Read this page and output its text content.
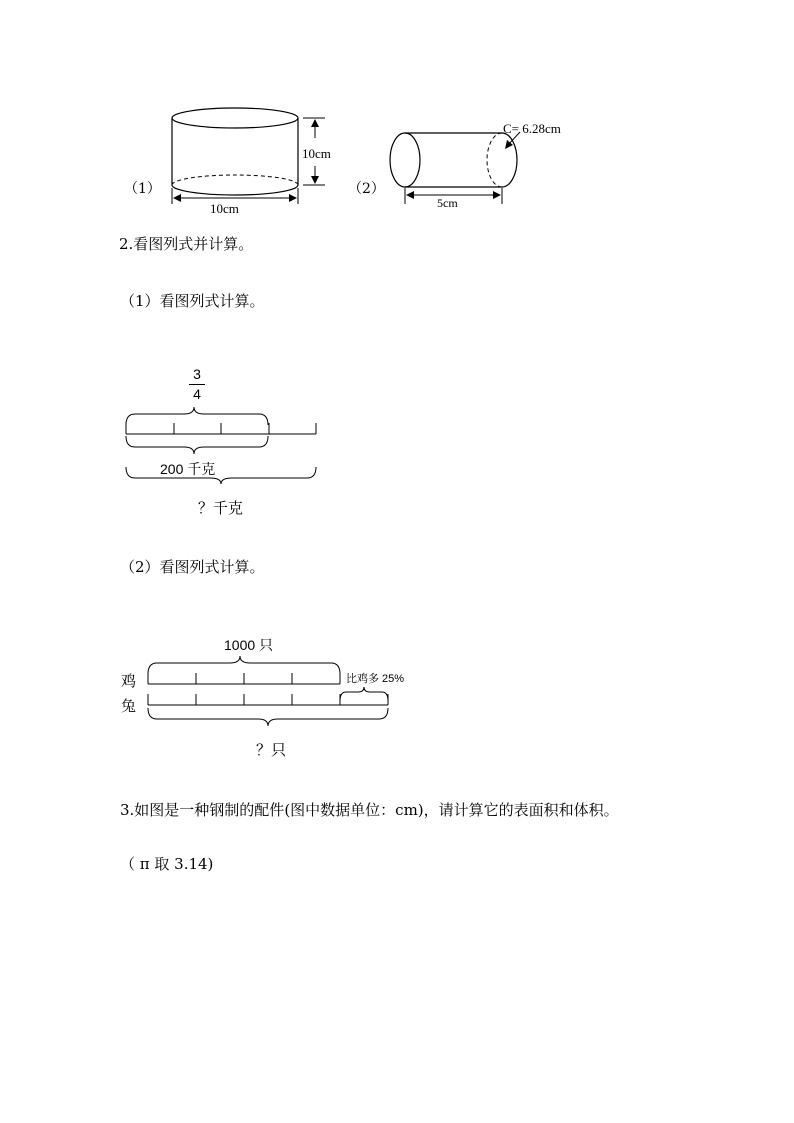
（1）
10cm
10cm
（2）
C= 6.28cm
5cm
2.看图列式并计算。
（1）看图列式计算。
3
4
200 千克
？千克
（2）看图列式计算。
1000 只
鸡
兔
比鸡多 25%
？只
3.如图是一种钢制的配件(图中数据单位：cm)，请计算它的表面积和体积。
（ π 取 3.14)
